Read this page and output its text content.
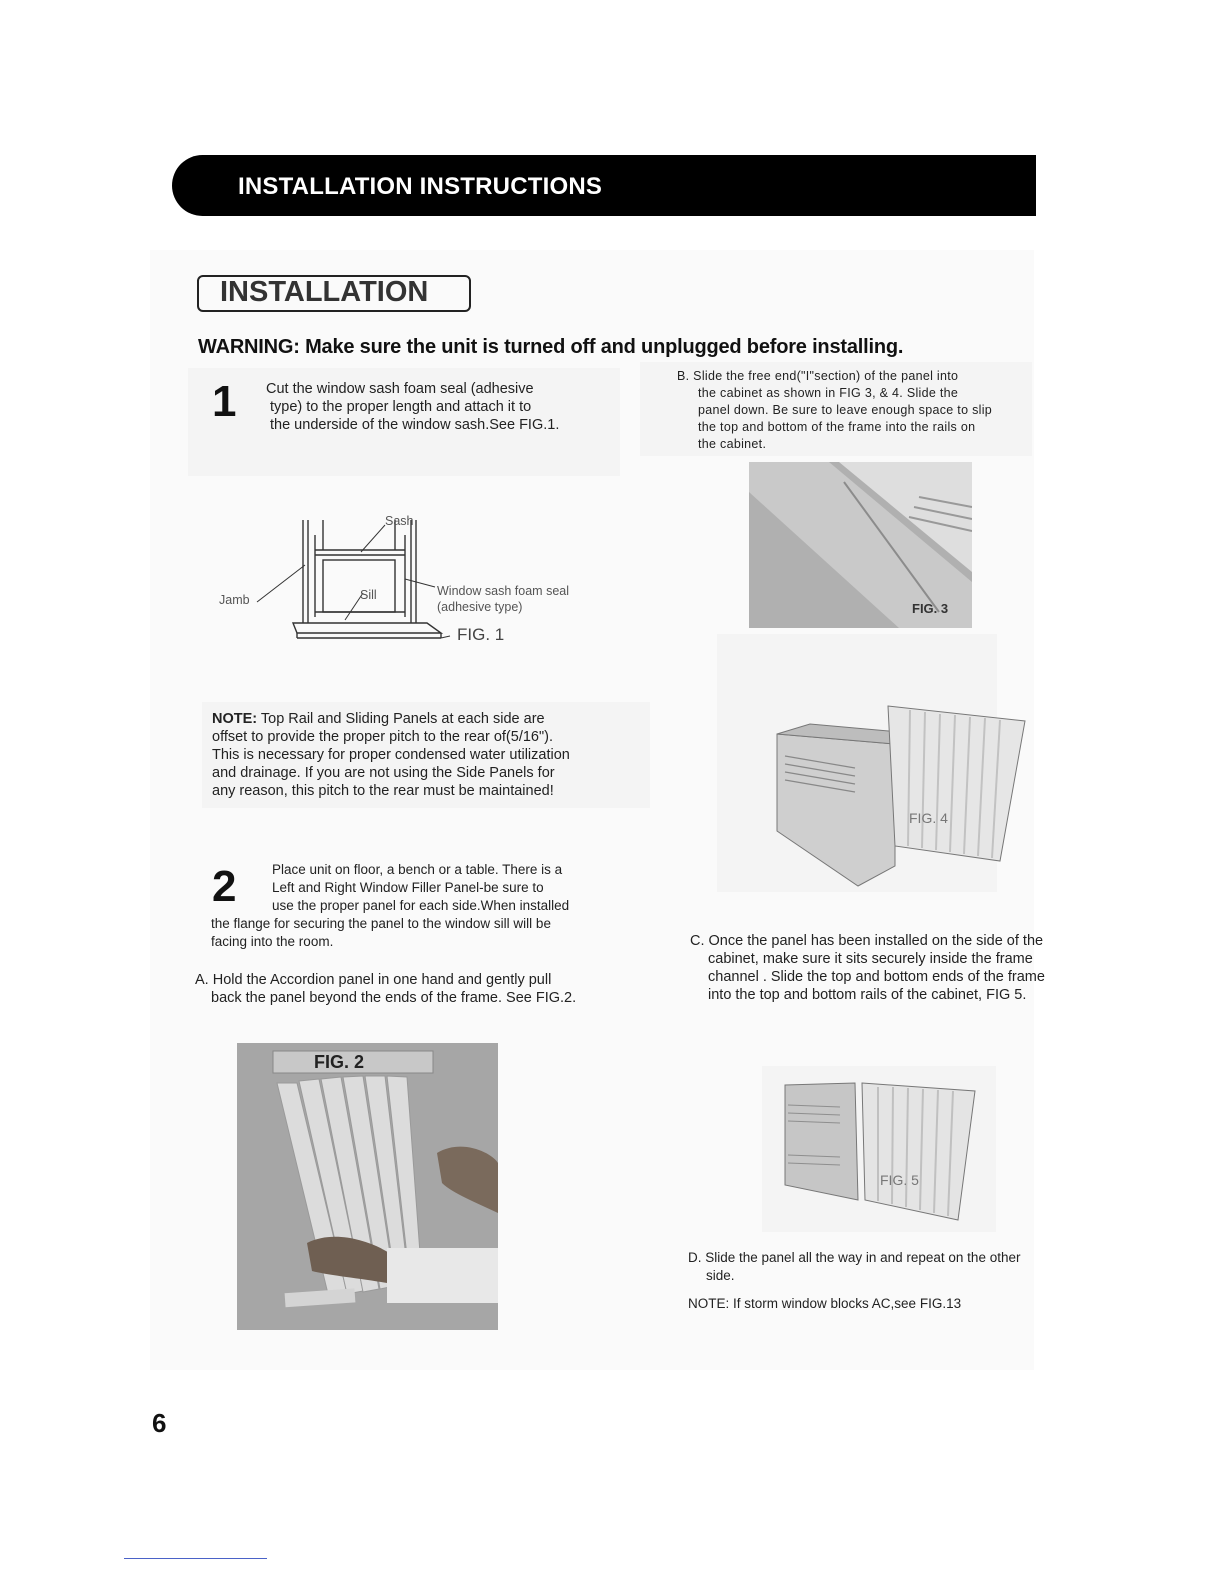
INSTALLATION INSTRUCTIONS
INSTALLATION
WARNING: Make sure the unit is turned off and unplugged before installing.
1 Cut the window sash foam seal (adhesive
type) to the proper length and attach it to
the underside of the window sash.See FIG.1.
Sash
Jamb	Sill	Window sash foam seal
(adhesive type)
FIG. 1
NOTE: Top Rail and Sliding Panels at each side are
offset to provide the proper pitch to the rear of(5/16").
This is necessary for proper condensed water utilization
and drainage. If you are not using the Side Panels for
any reason, this pitch to the rear must be maintained!
2	Place unit on floor, a bench or a table. There is a
Left and Right Window Filler Panel-be sure to
use the proper panel for each side.When installed
the flange for securing the panel to the window sill will be
facing into the room.
A. Hold the Accordion panel in one hand and gently pull
back the panel beyond the ends of the frame. See FIG.2.
FIG. 2
B. Slide the free end("I"section) of the panel into
the cabinet as shown in FIG 3, & 4. Slide the
panel down. Be sure to leave enough space to slip
the top and bottom of the frame into the rails on
the cabinet.
FIG. 3
FIG. 4
C. Once the panel has been installed on the side of the
cabinet, make sure it sits securely inside the frame
channel . Slide the top and bottom ends of the frame
into the top and bottom rails of the cabinet, FIG 5.
FIG. 5
D. Slide the panel all the way in and repeat on the other
side.
NOTE: If storm window blocks AC,see FIG.13
6
